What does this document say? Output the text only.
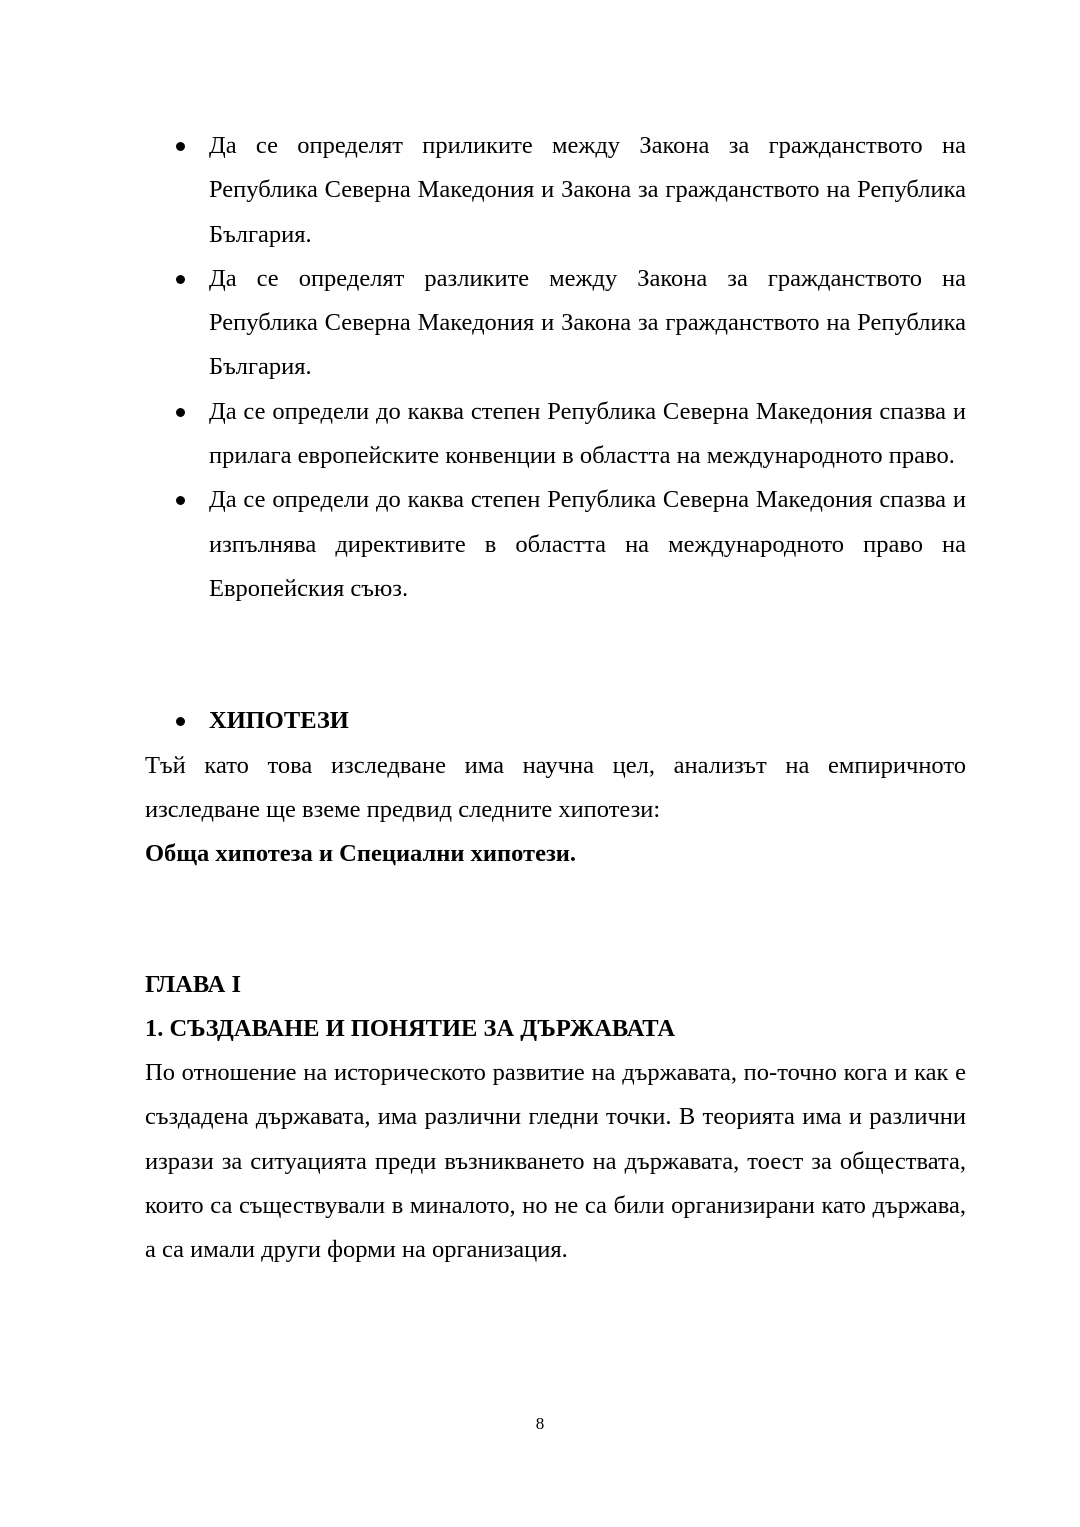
Да се определят приликите между Закона за гражданството на Република Северна Македония и Закона за гражданството на Република България.
Да се определят разликите между Закона за гражданството на Република Северна Македония и Закона за гражданството на Република България.
Да се определи до каква степен Република Северна Македония спазва и прилага европейските конвенции в областта на международното право.
Да се определи до каква степен Република Северна Македония спазва и изпълнява директивите в областта на международното право на Европейския съюз.
ХИПОТЕЗИ

Тъй като това изследване има научна цел, анализът на емпиричното изследване ще вземе предвид следните хипотези:

Обща хипотеза и Специални хипотези.

ГЛАВА I

1. СЪЗДАВАНЕ И ПОНЯТИЕ ЗА ДЪРЖАВАТА

По отношение на историческото развитие на държавата, по-точно кога и как е създадена държавата, има различни гледни точки. В теорията има и различни изрази за ситуацията преди възникването на държавата, тоест за обществата, които са съществували в миналото, но не са били организирани като държава, а са имали други форми на организация.

8
